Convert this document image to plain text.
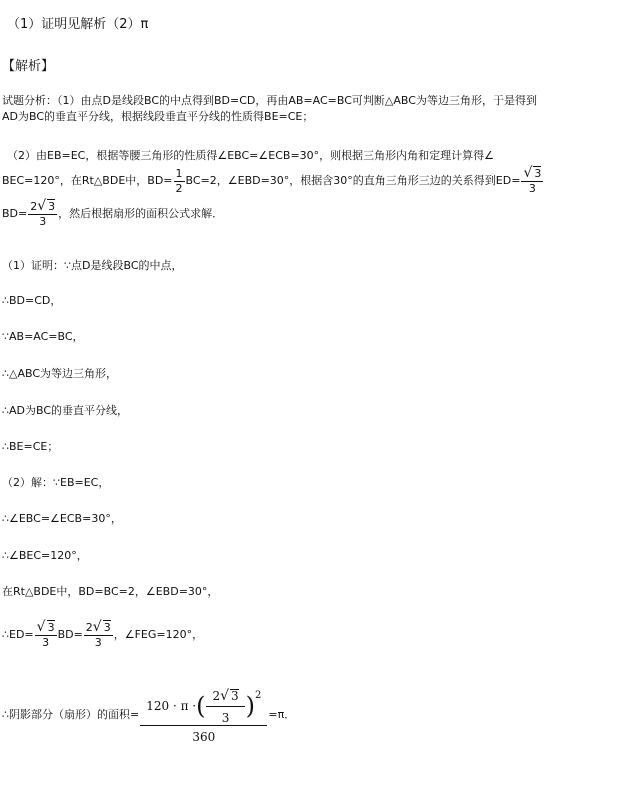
（1）证明见解析（2）π
【解析】
试题分析：（1）由点D是线段BC的中点得到BD=CD，再由AB=AC=BC可判断△ABC为等边三角形，于是得到
AD为BC的垂直平分线，根据线段垂直平分线的性质得BE=CE；
（2）由EB=EC，根据等腰三角形的性质得∠EBC=∠ECB=30°，则根据三角形内角和定理计算得∠
BEC=120°，在Rt△BDE中，$BD= \frac{1}{2} BC=2$，∠EBD=30°，根据含30°的直角三角形三边的关系得到$ED= \frac{√ 3}{3}$
$BD= \frac{2 √ 3}{3}$ ，然后根据扇形的面积公式求解．
（1）证明：∵点D是线段BC的中点，
∴BD=CD，
∵AB=AC=BC，
∴△ABC为等边三角形，
∴AD为BC的垂直平分线，
∴BE=CE；
（2）解：∵EB=EC，
∴∠EBC=∠ECB=30°，
∴∠BEC=120°，
在Rt△BDE中，BD=BC=2，∠EBD=30°，
∴ED= $\frac{√ 3}{3} BD= \frac{2 √ 3}{3}$ ，∠FEG=120°，
∴阴影部分（扇形）的面积=
120 · π · ( $\frac{2 √ 3}{3} )^2$
360
=π．
